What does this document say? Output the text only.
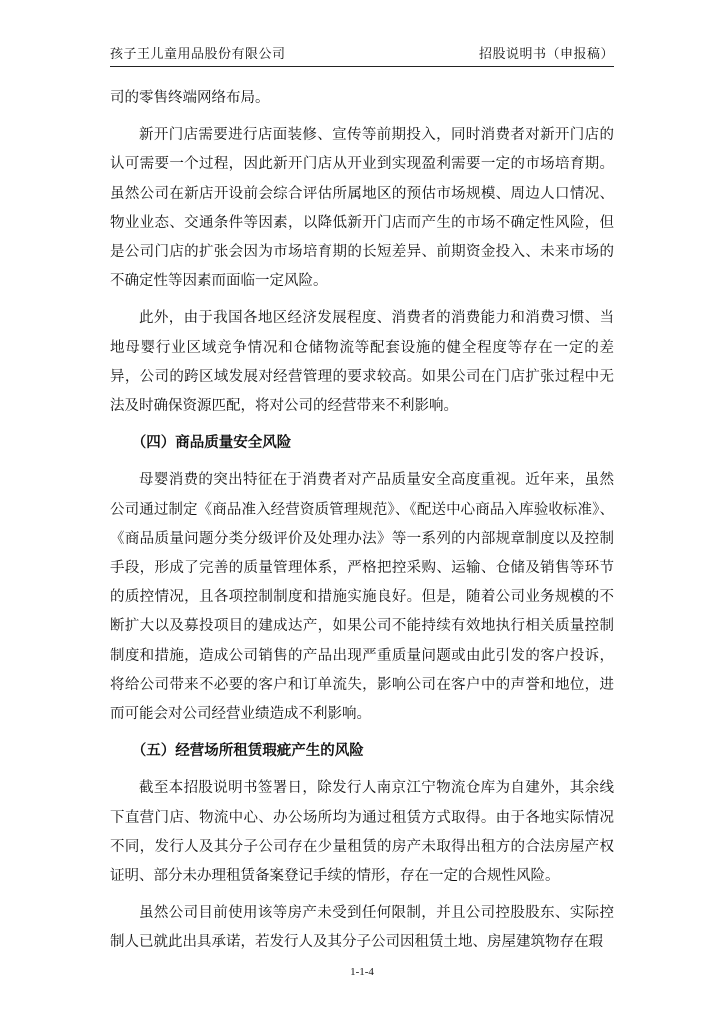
孩子王儿童用品股份有限公司	招股说明书（申报稿）

司的零售终端网络布局。

新开门店需要进行店面装修、宣传等前期投入，同时消费者对新开门店的认可需要一个过程，因此新开门店从开业到实现盈利需要一定的市场培育期。虽然公司在新店开设前会综合评估所属地区的预估市场规模、周边人口情况、物业业态、交通条件等因素，以降低新开门店而产生的市场不确定性风险，但是公司门店的扩张会因为市场培育期的长短差异、前期资金投入、未来市场的不确定性等因素而面临一定风险。

此外，由于我国各地区经济发展程度、消费者的消费能力和消费习惯、当地母婴行业区域竞争情况和仓储物流等配套设施的健全程度等存在一定的差异，公司的跨区域发展对经营管理的要求较高。如果公司在门店扩张过程中无法及时确保资源匹配，将对公司的经营带来不利影响。

（四）商品质量安全风险

母婴消费的突出特征在于消费者对产品质量安全高度重视。近年来，虽然公司通过制定《商品准入经营资质管理规范》、《配送中心商品入库验收标准》、《商品质量问题分类分级评价及处理办法》等一系列的内部规章制度以及控制手段，形成了完善的质量管理体系，严格把控采购、运输、仓储及销售等环节的质控情况，且各项控制制度和措施实施良好。但是，随着公司业务规模的不断扩大以及募投项目的建成达产，如果公司不能持续有效地执行相关质量控制制度和措施，造成公司销售的产品出现严重质量问题或由此引发的客户投诉，将给公司带来不必要的客户和订单流失，影响公司在客户中的声誉和地位，进而可能会对公司经营业绩造成不利影响。

（五）经营场所租赁瑕疵产生的风险

截至本招股说明书签署日，除发行人南京江宁物流仓库为自建外，其余线下直营门店、物流中心、办公场所均为通过租赁方式取得。由于各地实际情况不同，发行人及其分子公司存在少量租赁的房产未取得出租方的合法房屋产权证明、部分未办理租赁备案登记手续的情形，存在一定的合规性风险。

虽然公司目前使用该等房产未受到任何限制，并且公司控股股东、实际控制人已就此出具承诺，若发行人及其分子公司因租赁土地、房屋建筑物存在瑕

1-1-4
